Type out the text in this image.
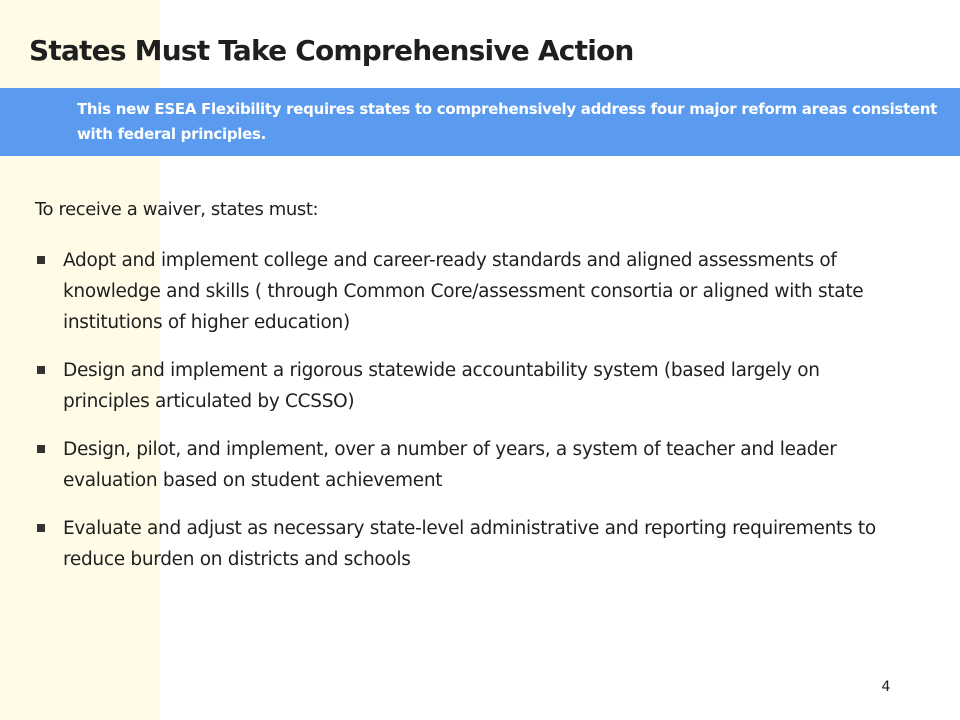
States Must Take Comprehensive Action

This new ESEA Flexibility requires states to comprehensively address four major reform areas consistent with federal principles.

To receive a waiver, states must:

Adopt and implement college and career-ready standards and aligned assessments of knowledge and skills ( through Common Core/assessment consortia or aligned with state institutions of higher education)
Design and implement a rigorous statewide accountability system (based largely on principles articulated by CCSSO)
Design, pilot, and implement, over a number of years, a system of teacher and leader evaluation based on student achievement
Evaluate and adjust as necessary state-level administrative and reporting requirements to reduce burden on districts and schools
4
